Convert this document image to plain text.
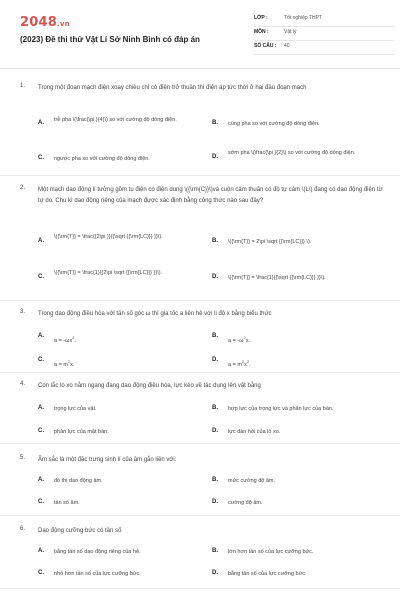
2048.vn
(2023) Đề thi thử Vật Lí Sở Ninh Bình có đáp án
LỚP :	Tốt nghiệp THPT
MÔN :	Vật lý
SỐ CÂU : 40
1. Trong một đoạn mạch điện xoay chiều chỉ có điện trở thuần thì điện áp tức thời ở hai đầu đoạn mạch
A. trễ pha \(\frac{\pi }{4}\) so với cường độ dòng điện.	B. cùng pha so với cường độ dòng điện.
C. ngược pha so với cường độ dòng điện.	D.
sớm pha \(\frac{\pi }{2}\) so với cường độ dòng điện.
2. Một mạch dao động lí tưởng gồm tụ điện có điện dung \({\rm{C}}\)và cuộn cảm thuần có độ tự cảm \(L\) đang có dao động điện từ tự do. Chu kì dao động riêng của mạch được xác định bằng công thức nào sau đây?
A.
\({\rm{T}} = \frac{{2\pi }}{{\sqrt {{\rm{LC}}} }}\).
B. \({\rm{T}} = 2\pi \sqrt {{\rm{LC}}} \).
C.
\({\rm{T}} = \frac{1}{{2\pi \sqrt {{\rm{LC}}} }}\).
D. \({\rm{T}} = \frac{1}{{\sqrt {{\rm{LC}}} }}\).
3. Trong dao động điều hòa với tần số góc ω thì gia tốc a liên hệ với li độ x bằng biểu thức
A.
$a = -\omega x^2$.
B.
$a = -\omega^2x$.
C.
$a = m^2x$.
D.
$a = m^2x^2$.
4. Con lắc lò xo nằm ngang đang dao động điều hòa, lực kéo về tác dụng lên vật bằng
A. trọng lực của vật.	B. hợp lực của trọng lực và phản lực của bàn.
C. phản lực của mặt bàn.	D. lực đàn hồi của lò xo.
5. Âm sắc là một đặc trưng sinh lí của âm gắn liền với:
A. đồ thị dao động âm.	B. mức cường độ âm.
C. tần số âm.	D. cường độ âm.
6. Dao động cưỡng bức có tần số
A. bằng tần số dao động riêng của hệ.	B. lớn hơn tần số của lực cưỡng bức.
C. nhỏ hơn tần số của lực cưỡng bức.	D. bằng tần số của lực cưỡng bức.
